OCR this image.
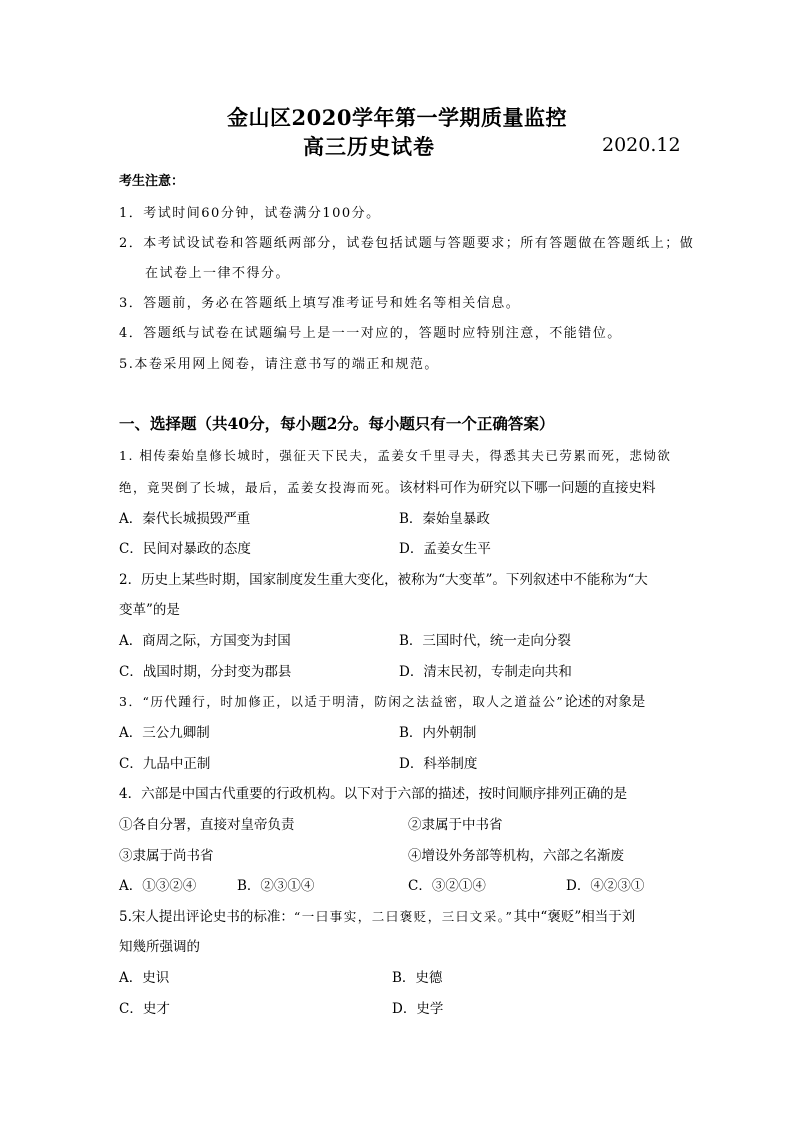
金山区2020学年第一学期质量监控
高三历史试卷	2020.12
考生注意：
1．考试时间60分钟，试卷满分100分。
2．本考试设试卷和答题纸两部分，试卷包括试题与答题要求；所有答题做在答题纸上；做
在试卷上一律不得分。
3．答题前，务必在答题纸上填写准考证号和姓名等相关信息。
4．答题纸与试卷在试题编号上是一一对应的，答题时应特别注意，不能错位。
5.本卷采用网上阅卷，请注意书写的端正和规范。
一、选择题（共40分，每小题2分。每小题只有一个正确答案）
1. 相传秦始皇修长城时，强征天下民夫，孟姜女千里寻夫，得悉其夫已劳累而死，悲恸欲
绝，竟哭倒了长城，最后，孟姜女投海而死。该材料可作为研究以下哪一问题的直接史料
A．秦代长城损毁严重	B．秦始皇暴政
C．民间对暴政的态度	D．孟姜女生平
2．历史上某些时期，国家制度发生重大变化，被称为“大变革”。下列叙述中不能称为“大
变革”的是
A．商周之际，方国变为封国	B．三国时代，统一走向分裂
C．战国时期，分封变为郡县	D．清末民初，专制走向共和
3．“历代踵行，时加修正，以适于明清，防闲之法益密，取人之道益公”论述的对象是
A．三公九卿制	B．内外朝制
C．九品中正制	D．科举制度
4．六部是中国古代重要的行政机构。以下对于六部的描述，按时间顺序排列正确的是
①各自分署，直接对皇帝负责	②隶属于中书省
③隶属于尚书省	④增设外务部等机构，六部之名渐废
A．①③②④	B．②③①④	C．③②①④	D．④②③①
5.宋人提出评论史书的标准：“一曰事实，二曰褒贬，三曰文采。”其中“褒贬”相当于刘
知幾所强调的
A．史识	B．史德
C．史才	D．史学
